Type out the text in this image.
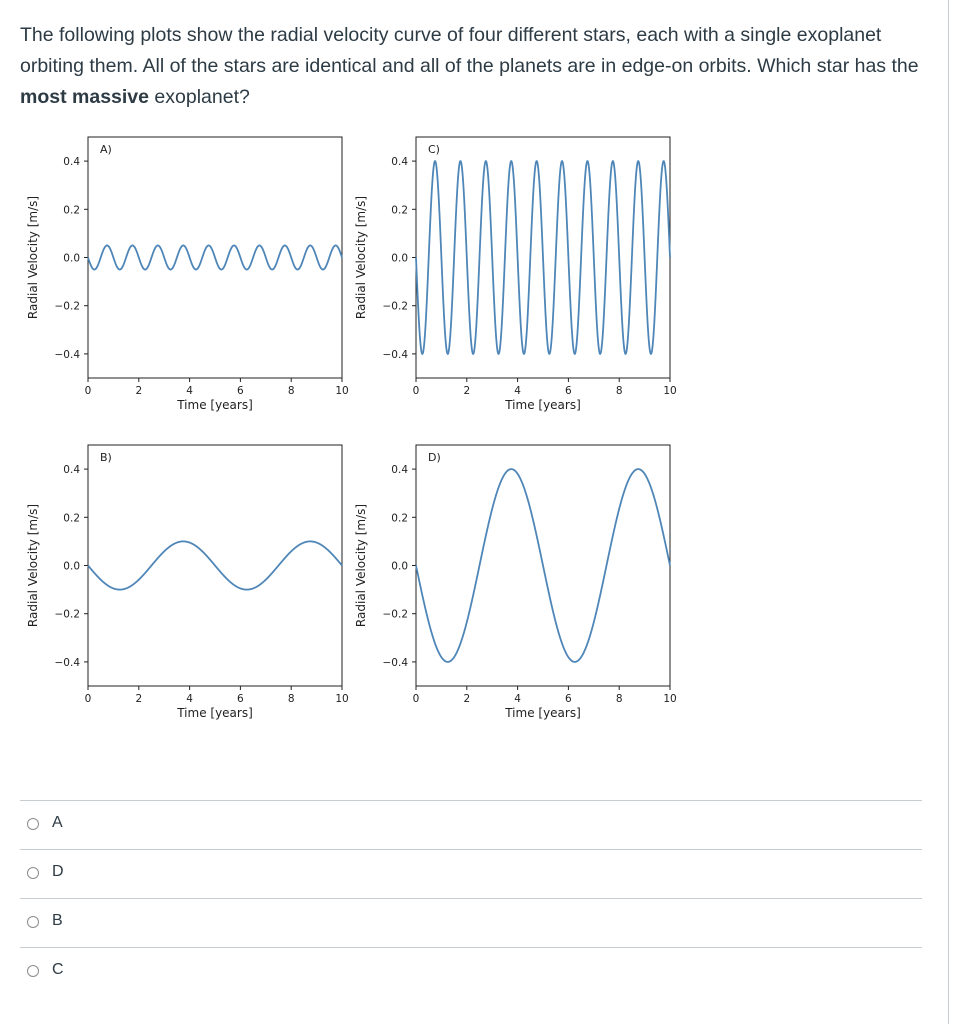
The following plots show the radial velocity curve of four different stars, each with a single exoplanet orbiting them. All of the stars are identical and all of the planets are in edge-on orbits. Which star has the most massive exoplanet?

0.4
0.2
0.0
−0.2
−0.4
0	2	4	6	8	10
Time [years]
Radial Velocity [m/s]
A)
0.4
0.2
0.0
−0.2
−0.4
0	2	4	6	8	10
Time [years]
Radial Velocity [m/s]
C)
0.4
0.2
0.0
−0.2
−0.4
0	2	4	6	8	10
Time [years]
Radial Velocity [m/s]
B)
0.4
0.2
0.0
−0.2
−0.4
0	2	4	6	8	10
Time [years]
Radial Velocity [m/s]
D)
A
D
B
C
